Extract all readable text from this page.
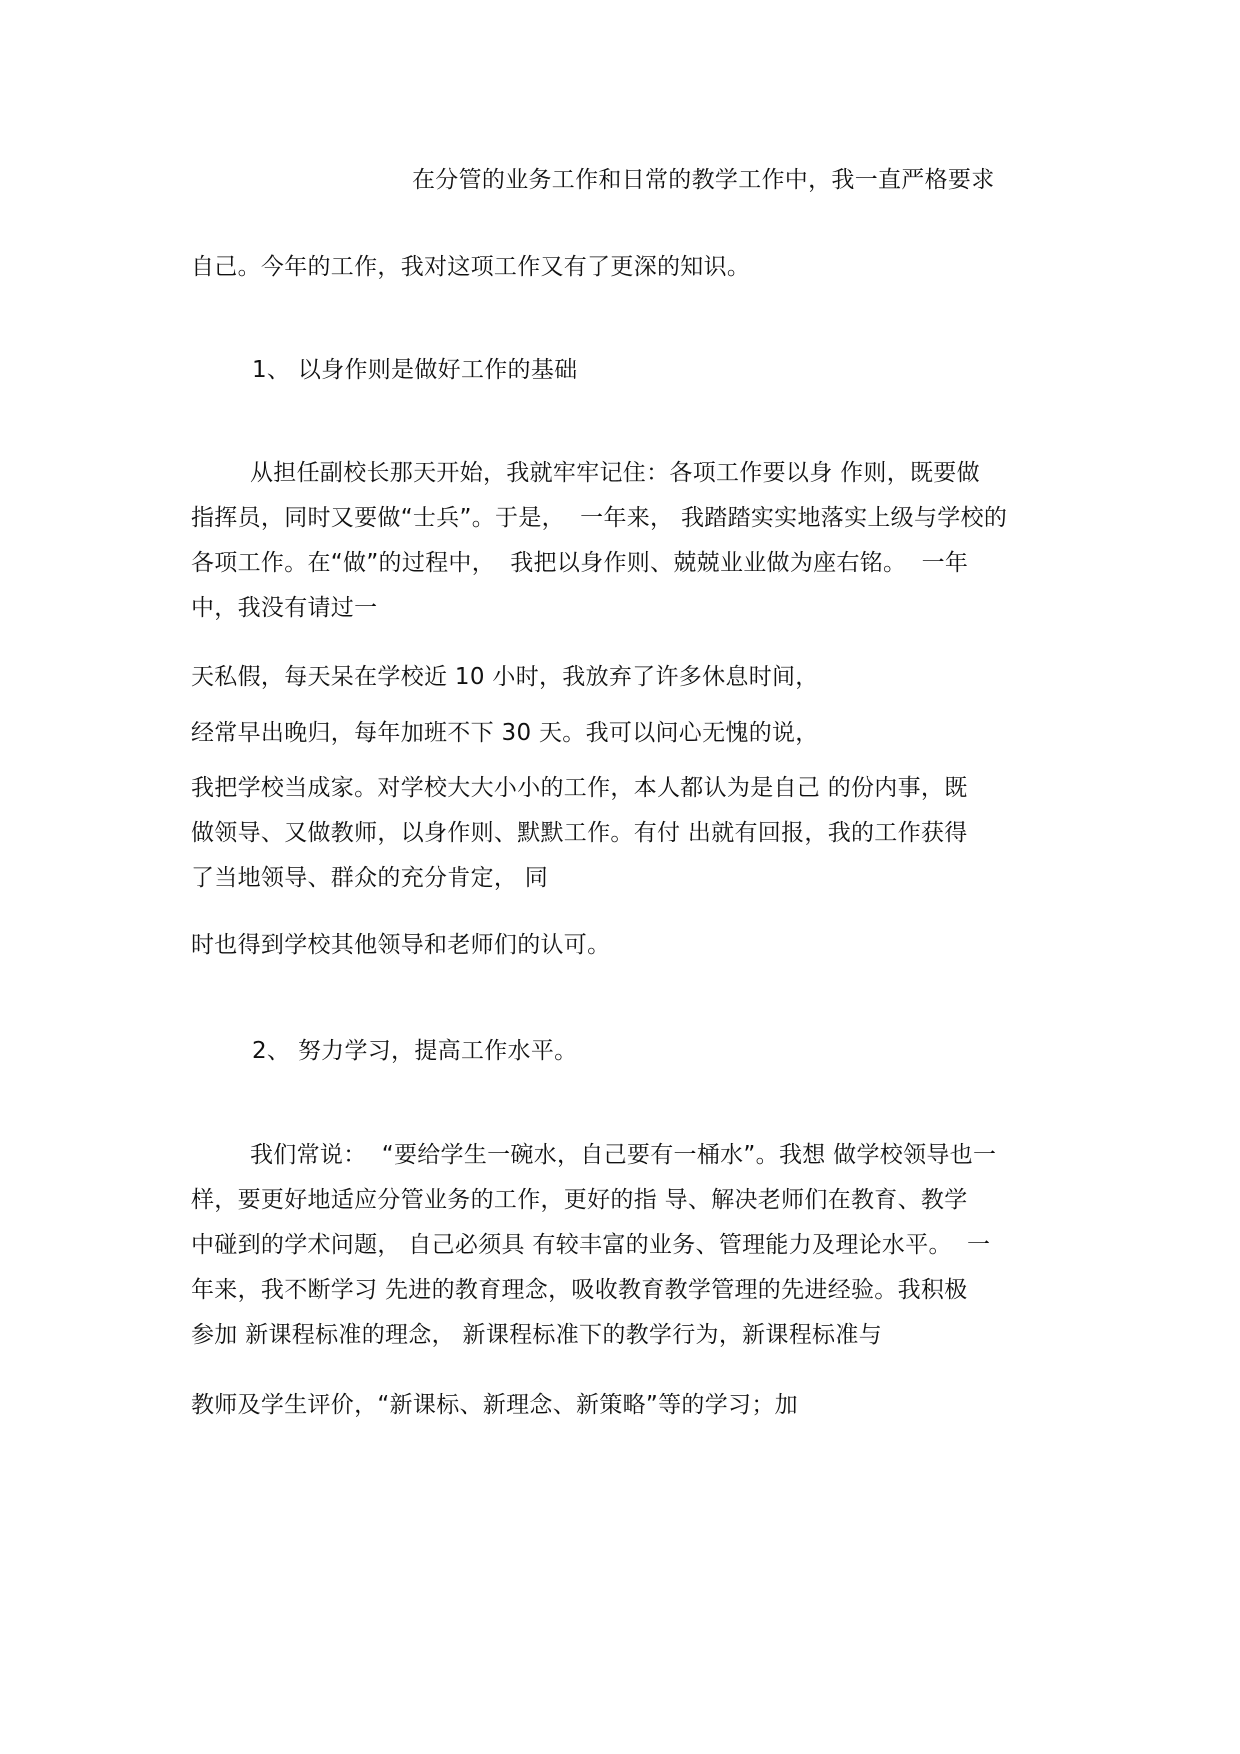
在分管的业务工作和日常的教学工作中，我一直严格要求
自己。今年的工作，我对这项工作又有了更深的知识。
1、 以身作则是做好工作的基础
从担任副校长那天开始，我就牢牢记住：各项工作要以身 作则，既要做
指挥员，同时又要做“士兵”。于是，  一年来， 我踏踏实实地落实上级与学校的
各项工作。在“做”的过程中，  我把以身作则、兢兢业业做为座右铭。  一年
中，我没有请过一
天私假，每天呆在学校近 10 小时，我放弃了许多休息时间，
经常早出晚归，每年加班不下 30 天。我可以问心无愧的说，
我把学校当成家。对学校大大小小的工作，本人都认为是自己 的份内事，既
做领导、又做教师，以身作则、默默工作。有付 出就有回报，我的工作获得
了当地领导、群众的充分肯定， 同
时也得到学校其他领导和老师们的认可。
2、 努力学习，提高工作水平。
我们常说：  “要给学生一碗水，自己要有一桶水”。我想 做学校领导也一
样，要更好地适应分管业务的工作，更好的指 导、解决老师们在教育、教学
中碰到的学术问题， 自己必须具 有较丰富的业务、管理能力及理论水平。  一
年来，我不断学习 先进的教育理念，吸收教育教学管理的先进经验。我积极
参加 新课程标准的理念， 新课程标准下的教学行为，新课程标准与
教师及学生评价，“新课标、新理念、新策略”等的学习；加
